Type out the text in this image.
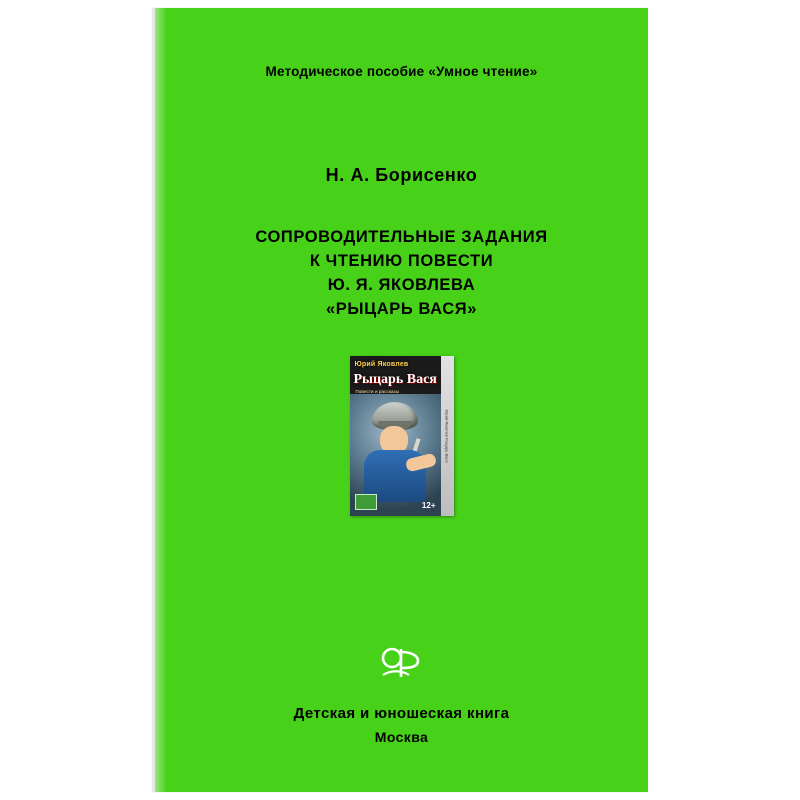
Методическое пособие «Умное чтение»
Н. А. Борисенко
СОПРОВОДИТЕЛЬНЫЕ ЗАДАНИЯ
К ЧТЕНИЮ ПОВЕСТИ
Ю. Я. ЯКОВЛЕВА
«РЫЦАРЬ ВАСЯ»
Юрий Яковлев
Рыцарь Вася
Повести и рассказы
12+
Юрий Яковлев Рыцарь Вася
Детская и юношеская книга
Москва
